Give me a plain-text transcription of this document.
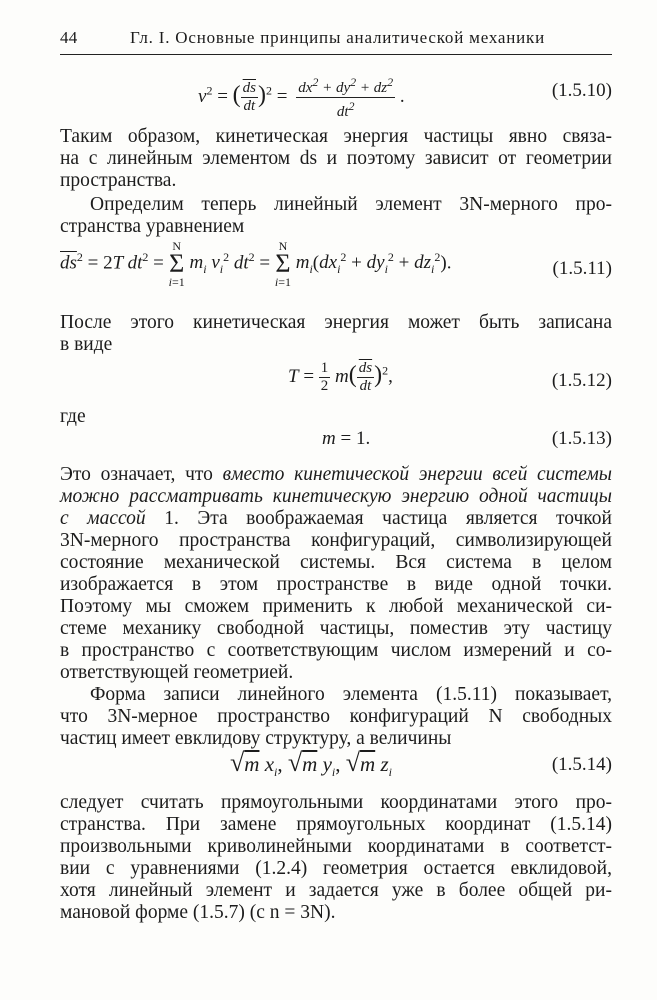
44	Гл. I. Основные принципы аналитической механики
$v^2$ = ( $\frac{\overline{ds}}{dt} )^2 = \frac{dx^2 + dy^2 + dz^2}{dt^2}$ .	(1.5.10)
Таким образом, кинетическая энергия частицы явно связа-
на с линейным элементом ds и поэтому зависит от геометрии
пространства.
Определим теперь линейный элемент 3N-мерного про-
странства уравнением
$\overline{ds}^2 = 2T$ $dt^2 = N$
Σ
i=1 $m_i$ $v_i^2$ $dt^2 = N$
Σ
i=1 $m_i(dx_i^2 + dy_i^2 + dz_i^2)$.	(1.5.11)
После этого кинетическая энергия может быть записана
в виде
$T = \frac{1}{2} m( \frac{\overline{ds}}{dt} )^2$,	(1.5.12)
где
m = 1.	(1.5.13)
Это означает, что вместо кинетической энергии всей системы
можно рассматривать кинетическую энергию одной частицы
с массой 1. Эта воображаемая частица является точкой
3N-мерного пространства конфигураций, символизирующей
состояние механической системы. Вся система в целом
изображается в этом пространстве в виде одной точки.
Поэтому мы сможем применить к любой механической си-
стеме механику свободной частицы, поместив эту частицу
в пространство с соответствующим числом измерений и со-
ответствующей геометрией.
Форма записи линейного элемента (1.5.11) показывает,
что 3N-мерное пространство конфигураций N свободных
частиц имеет евклидову структуру, а величины
√m $x_i$, √m $y_i$, √m $z_i$	(1.5.14)
следует считать прямоугольными координатами этого про-
странства. При замене прямоугольных координат (1.5.14)
произвольными криволинейными координатами в соответст-
вии с уравнениями (1.2.4) геометрия остается евклидовой,
хотя линейный элемент и задается уже в более общей ри-
мановой форме (1.5.7) (с n = 3N).
